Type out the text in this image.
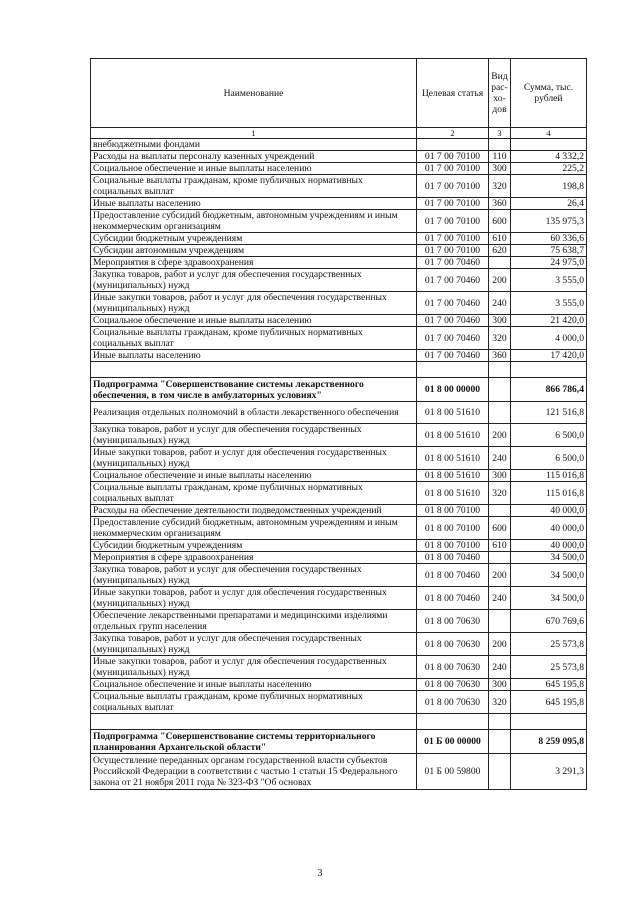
Наименование	Целевая статья	Вид рас-хо-дов	Сумма, тыс. рублей
1	2	3	4
внебюджетными фондами			
Расходы на выплаты персоналу казенных учреждений	01 7 00 70100	110	4 332,2
Социальное обеспечение и иные выплаты населению	01 7 00 70100	300	225,2
Социальные выплаты гражданам, кроме публичных нормативных социальных выплат	01 7 00 70100	320	198,8
Иные выплаты населению	01 7 00 70100	360	26,4
Предоставление субсидий бюджетным, автономным учреждениям и иным некоммерческим организациям	01 7 00 70100	600	135 975,3
Субсидии бюджетным учреждениям	01 7 00 70100	610	60 336,6
Субсидии автономным учреждениям	01 7 00 70100	620	75 638,7
Мероприятия в сфере здравоохранения	01 7 00 70460		24 975,0
Закупка товаров, работ и услуг для обеспечения государственных (муниципальных) нужд	01 7 00 70460	200	3 555,0
Иные закупки товаров, работ и услуг для обеспечения государственных (муниципальных) нужд	01 7 00 70460	240	3 555,0
Социальное обеспечение и иные выплаты населению	01 7 00 70460	300	21 420,0
Социальные выплаты гражданам, кроме публичных нормативных социальных выплат	01 7 00 70460	320	4 000,0
Иные выплаты населению	01 7 00 70460	360	17 420,0

Подпрограмма "Совершенствование системы лекарственного обеспечения, в том числе в амбулаторных условиях"	01 8 00 00000		866 786,4
Реализация отдельных полномочий в области лекарственного обеспечения	01 8 00 51610		121 516,8
Закупка товаров, работ и услуг для обеспечения государственных (муниципальных) нужд	01 8 00 51610	200	6 500,0
Иные закупки товаров, работ и услуг для обеспечения государственных (муниципальных) нужд	01 8 00 51610	240	6 500,0
Социальное обеспечение и иные выплаты населению	01 8 00 51610	300	115 016,8
Социальные выплаты гражданам, кроме публичных нормативных социальных выплат	01 8 00 51610	320	115 016,8
Расходы на обеспечение деятельности подведомственных учреждений	01 8 00 70100		40 000,0
Предоставление субсидий бюджетным, автономным учреждениям и иным некоммерческим организациям	01 8 00 70100	600	40 000,0
Субсидии бюджетным учреждениям	01 8 00 70100	610	40 000,0
Мероприятия в сфере здравоохранения	01 8 00 70460		34 500,0
Закупка товаров, работ и услуг для обеспечения государственных (муниципальных) нужд	01 8 00 70460	200	34 500,0
Иные закупки товаров, работ и услуг для обеспечения государственных (муниципальных) нужд	01 8 00 70460	240	34 500,0
Обеспечение лекарственными препаратами и медицинскими изделиями отдельных групп населения	01 8 00 70630		670 769,6
Закупка товаров, работ и услуг для обеспечения государственных (муниципальных) нужд	01 8 00 70630	200	25 573,8
Иные закупки товаров, работ и услуг для обеспечения государственных (муниципальных) нужд	01 8 00 70630	240	25 573,8
Социальное обеспечение и иные выплаты населению	01 8 00 70630	300	645 195,8
Социальные выплаты гражданам, кроме публичных нормативных социальных выплат	01 8 00 70630	320	645 195,8

Подпрограмма "Совершенствование системы территориального планирования Архангельской области"	01 Б 00 00000		8 259 095,8
Осуществление переданных органам государственной власти субъектов Российской Федерации в соответствии с частью 1 статьи 15 Федерального закона от 21 ноября 2011 года № 323-ФЗ "Об основах	01 Б 00 59800		3 291,3
3
